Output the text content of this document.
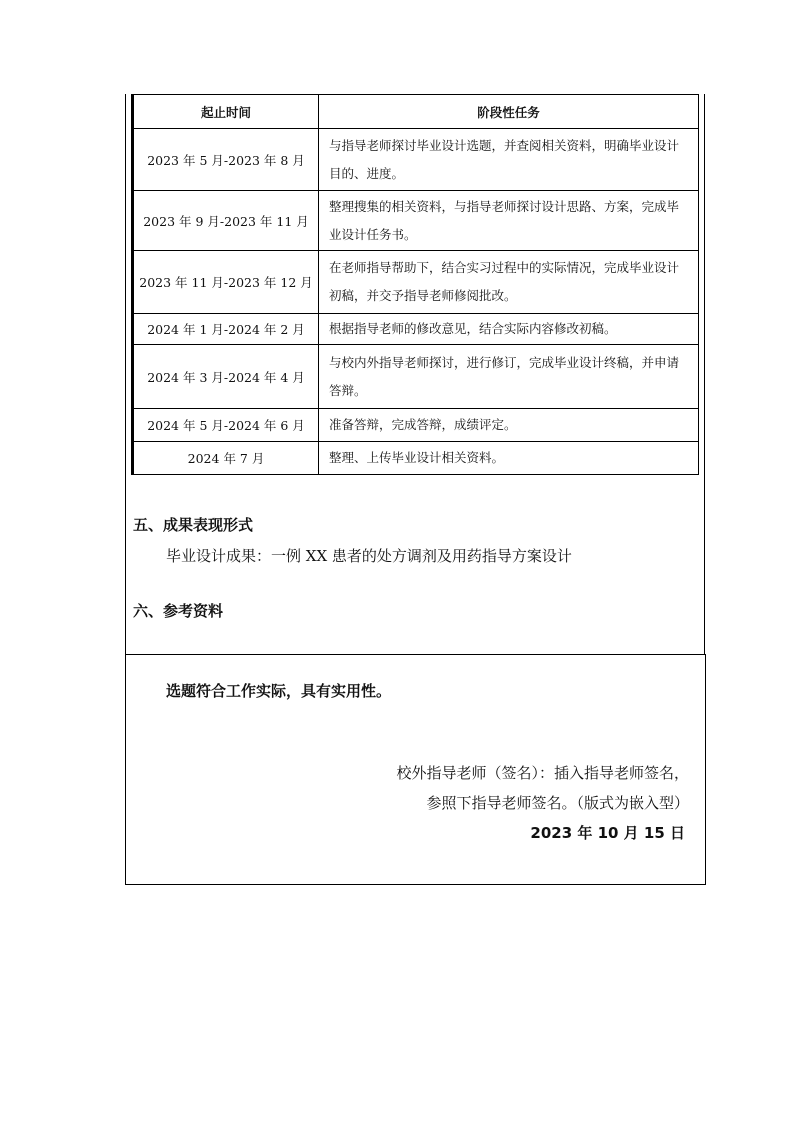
起止时间	阶段性任务
2023 年 5 月-2023 年 8 月	与指导老师探讨毕业设计选题，并查阅相关资料，明确毕业设计目的、进度。
2023 年 9 月-2023 年 11 月	整理搜集的相关资料，与指导老师探讨设计思路、方案，完成毕业设计任务书。
2023 年 11 月-2023 年 12 月	在老师指导帮助下，结合实习过程中的实际情况，完成毕业设计初稿，并交予指导老师修阅批改。
2024 年 1 月-2024 年 2 月	根据指导老师的修改意见，结合实际内容修改初稿。
2024 年 3 月-2024 年 4 月	与校内外指导老师探讨，进行修订，完成毕业设计终稿，并申请答辩。
2024 年 5 月-2024 年 6 月	准备答辩，完成答辩，成绩评定。
2024 年 7 月	整理、上传毕业设计相关资料。
五、成果表现形式
毕业设计成果：一例 XX 患者的处方调剂及用药指导方案设计
六、参考资料
选题符合工作实际，具有实用性。
校外指导老师（签名）：插入指导老师签名，
参照下指导老师签名。（版式为嵌入型）
2023 年 10 月 15 日
